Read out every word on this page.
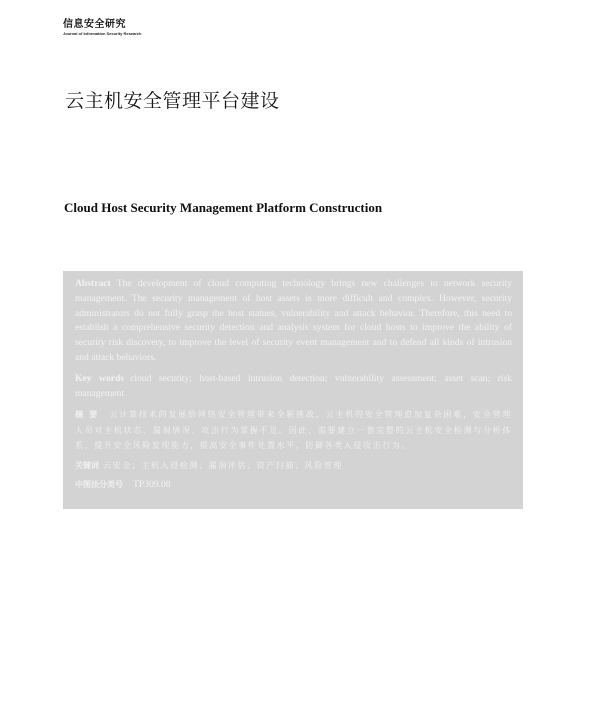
信息安全研究
Journal of Information Security Research
云主机安全管理平台建设
Cloud Host Security Management Platform Construction

Abstract The development of cloud computing technology brings new challenges to network security management. The security management of host assets is more difficult and complex. However, security administrators do not fully grasp the host statues, vulnerability and attack behavior. Therefore, this need to establish a comprehensive security detection and analysis system for cloud hosts to improve the ability of security risk discovery, to improve the level of security event management and to defend all kinds of intrusion and attack behaviors.

Key words cloud security; host-based intrusion detection; vulnerability assessment; asset scan; risk management

摘要 云计算技术的发展给网络安全管理带来全新挑战，云主机的安全管理愈加复杂困难，安全管理人员对主机状态、漏洞情况、攻击行为掌握不足。因此，需要建立一套完整的云主机安全检测与分析体系，提升安全风险发现能力，提高安全事件处置水平，防御各类入侵攻击行为。

关键词 云安全；主机入侵检测；漏洞评估；资产扫描；风险管理

中图法分类号 TP309.08
